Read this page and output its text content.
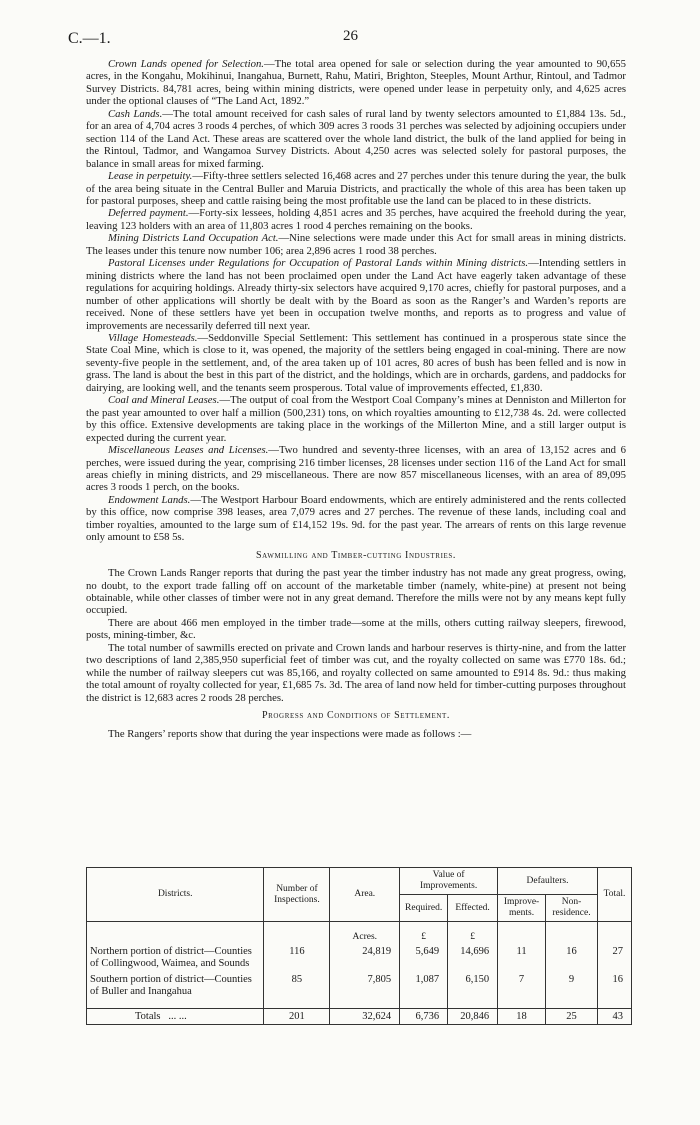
C.—1.	26

Crown Lands opened for Selection.—The total area opened for sale or selection during the year amounted to 90,655 acres, in the Kongahu, Mokihinui, Inangahua, Burnett, Rahu, Matiri, Brighton, Steeples, Mount Arthur, Rintoul, and Tadmor Survey Districts. 84,781 acres, being within mining districts, were opened under lease in perpetuity only, and 4,625 acres under the optional clauses of “The Land Act, 1892.”

Cash Lands.—The total amount received for cash sales of rural land by twenty selectors amounted to £1,884 13s. 5d., for an area of 4,704 acres 3 roods 4 perches, of which 309 acres 3 roods 31 perches was selected by adjoining occupiers under section 114 of the Land Act. These areas are scattered over the whole land district, the bulk of the land applied for being in the Rintoul, Tadmor, and Wangamoa Survey Districts. About 4,250 acres was selected solely for pastoral purposes, the balance in small areas for mixed farming.

Lease in perpetuity.—Fifty-three settlers selected 16,468 acres and 27 perches under this tenure during the year, the bulk of the area being situate in the Central Buller and Maruia Districts, and practically the whole of this area has been taken up for pastoral purposes, sheep and cattle raising being the most profitable use the land can be placed to in these districts.

Deferred payment.—Forty-six lessees, holding 4,851 acres and 35 perches, have acquired the freehold during the year, leaving 123 holders with an area of 11,803 acres 1 rood 4 perches remaining on the books.

Mining Districts Land Occupation Act.—Nine selections were made under this Act for small areas in mining districts. The leases under this tenure now number 106; area 2,896 acres 1 rood 38 perches.

Pastoral Licenses under Regulations for Occupation of Pastoral Lands within Mining districts.—Intending settlers in mining districts where the land has not been proclaimed open under the Land Act have eagerly taken advantage of these regulations for acquiring holdings. Already thirty-six selectors have acquired 9,170 acres, chiefly for pastoral purposes, and a number of other applications will shortly be dealt with by the Board as soon as the Ranger’s and Warden’s reports are received. None of these settlers have yet been in occupation twelve months, and reports as to progress and value of improvements are necessarily deferred till next year.

Village Homesteads.—Seddonville Special Settlement: This settlement has continued in a prosperous state since the State Coal Mine, which is close to it, was opened, the majority of the settlers being engaged in coal-mining. There are now seventy-five people in the settlement, and, of the area taken up of 101 acres, 80 acres of bush has been felled and is now in grass. The land is about the best in this part of the district, and the holdings, which are in orchards, gardens, and paddocks for dairying, are looking well, and the tenants seem prosperous. Total value of improvements effected, £1,830.

Coal and Mineral Leases.—The output of coal from the Westport Coal Company’s mines at Denniston and Millerton for the past year amounted to over half a million (500,231) tons, on which royalties amounting to £12,738 4s. 2d. were collected by this office. Extensive developments are taking place in the workings of the Millerton Mine, and a still larger output is expected during the current year.

Miscellaneous Leases and Licenses.—Two hundred and seventy-three licenses, with an area of 13,152 acres and 6 perches, were issued during the year, comprising 216 timber licenses, 28 licenses under section 116 of the Land Act for small areas chiefly in mining districts, and 29 miscellaneous. There are now 857 miscellaneous licenses, with an area of 89,095 acres 3 roods 1 perch, on the books.

Endowment Lands.—The Westport Harbour Board endowments, which are entirely administered and the rents collected by this office, now comprise 398 leases, area 7,079 acres and 27 perches. The revenue of these lands, including coal and timber royalties, amounted to the large sum of £14,152 19s. 9d. for the past year. The arrears of rents on this large revenue only amount to £58 5s.

Sawmilling and Timber-cutting Industries.

The Crown Lands Ranger reports that during the past year the timber industry has not made any great progress, owing, no doubt, to the export trade falling off on account of the marketable timber (namely, white-pine) at present not being obtainable, while other classes of timber were not in any great demand. Therefore the mills were not by any means kept fully occupied.

There are about 466 men employed in the timber trade—some at the mills, others cutting railway sleepers, firewood, posts, mining-timber, &c.

The total number of sawmills erected on private and Crown lands and harbour reserves is thirty-nine, and from the latter two descriptions of land 2,385,950 superficial feet of timber was cut, and the royalty collected on same was £770 18s. 6d.; while the number of railway sleepers cut was 85,166, and royalty collected on same amounted to £914 8s. 9d.: thus making the total amount of royalty collected for year, £1,685 7s. 3d. The area of land now held for timber-cutting purposes throughout the district is 12,683 acres 2 roods 28 perches.

Progress and Conditions of Settlement.

The Rangers’ reports show that during the year inspections were made as follows :—

Districts.	Number of Inspections.	Area.	Value of Improvements.		Defaulters.		Total.
			Required.	Effected.	Improve-ments.	Non-residence.	
		Acres.	£	£			
Northern portion of district—Counties of Collingwood, Waimea, and Sounds	116	24,819	5,649	14,696	11	16	27
Southern portion of district—Counties of Buller and Inangahua	85	7,805	1,087	6,150	7	9	16
Totals ... ...	201	32,624	6,736	20,846	18	25	43
